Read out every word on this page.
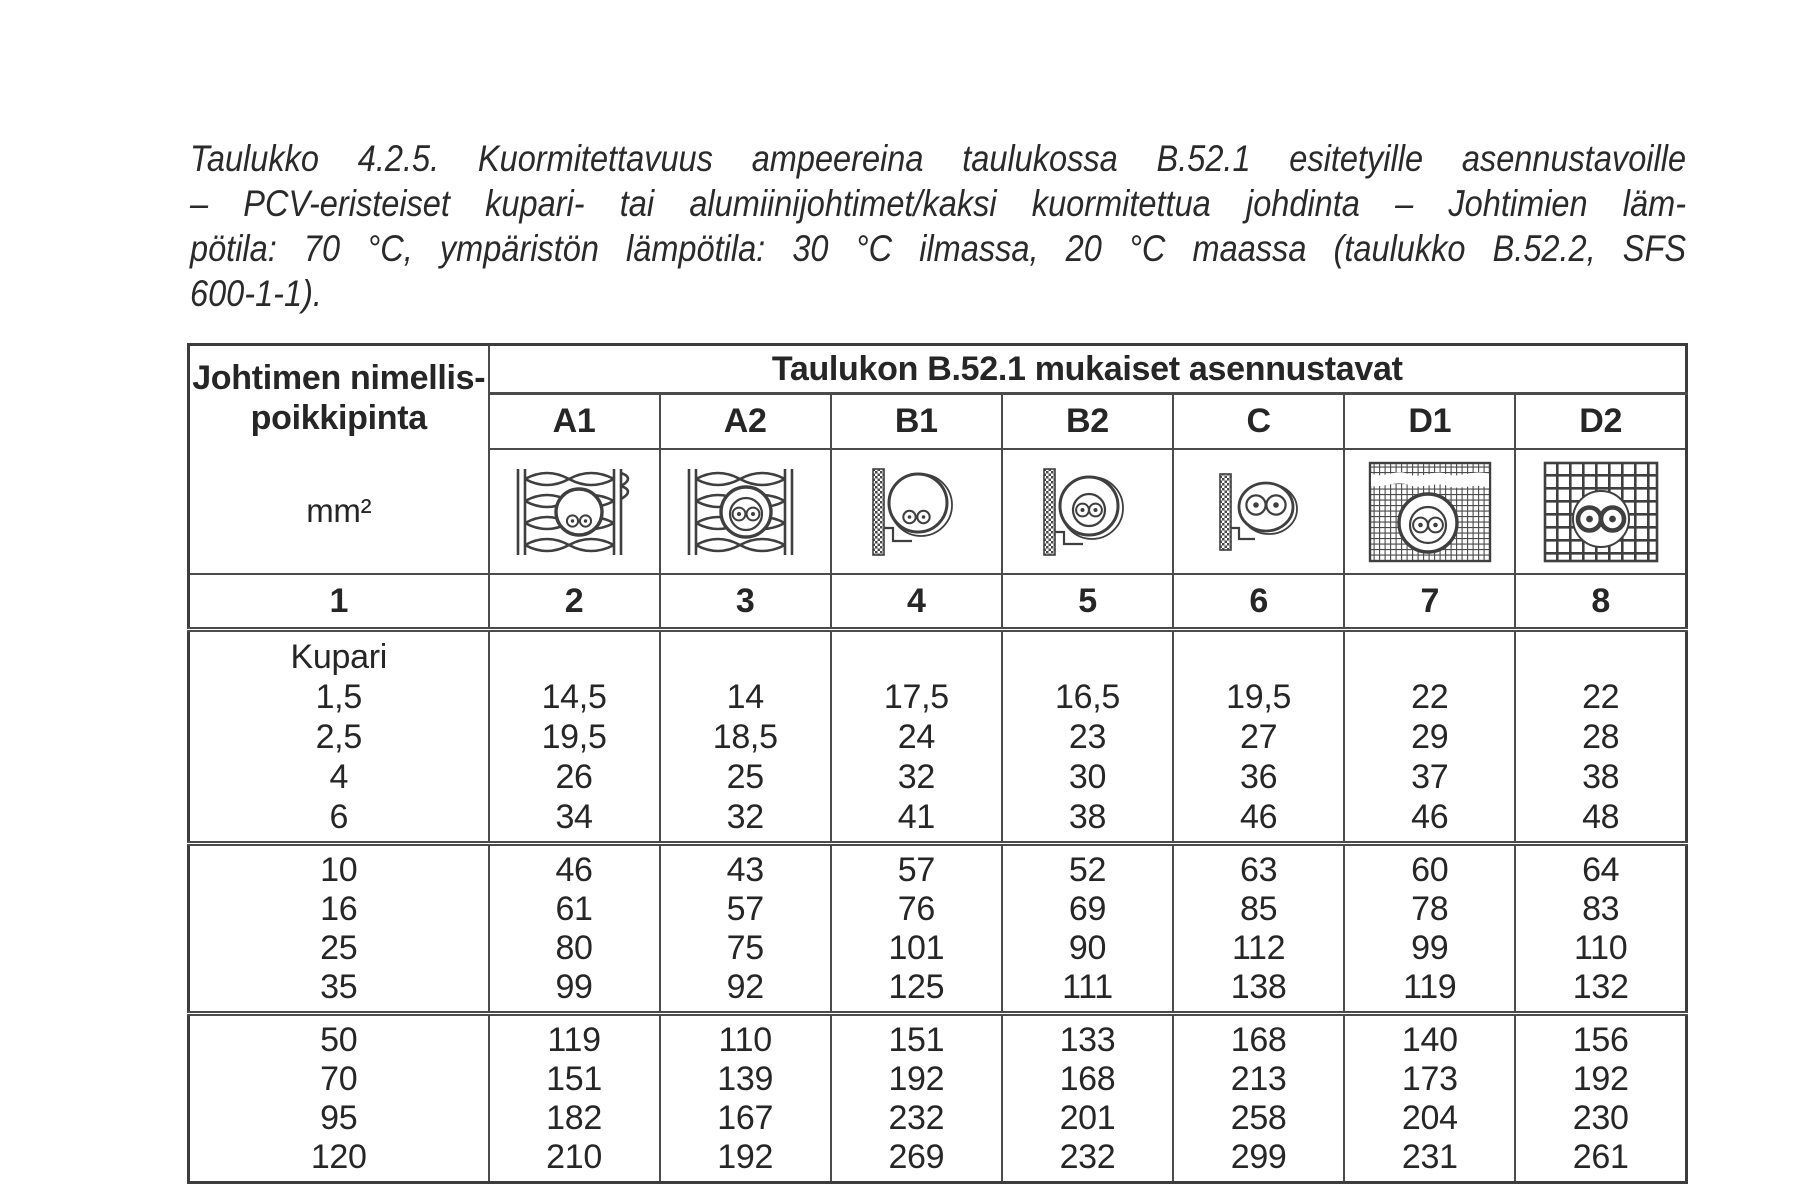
Taulukko 4.2.5. Kuormitettavuus ampeereina taulukossa B.52.1 esitetyille asennustavoille
– PCV-eristeiset kupari- tai alumiinijohtimet/kaksi kuormitettua johdinta – Johtimien läm-
pötila: 70 °C, ympäristön lämpötila: 30 °C ilmassa, 20 °C maassa (taulukko B.52.2, SFS
600-1-1).
Johtimen nimellis-
poikkipinta	Taulukon B.52.1 mukaiset asennustavat						
	A1	A2	B1	B2	C	D1	D2
mm²	

1	2	3	4	5	6	7	8
Kupari							
1,5	14,5	14	17,5	16,5	19,5	22	22
2,5	19,5	18,5	24	23	27	29	28
4	26	25	32	30	36	37	38
6	34	32	41	38	46	46	48
10	46	43	57	52	63	60	64
16	61	57	76	69	85	78	83
25	80	75	101	90	112	99	110
35	99	92	125	111	138	119	132
50	119	110	151	133	168	140	156
70	151	139	192	168	213	173	192
95	182	167	232	201	258	204	230
120	210	192	269	232	299	231	261
